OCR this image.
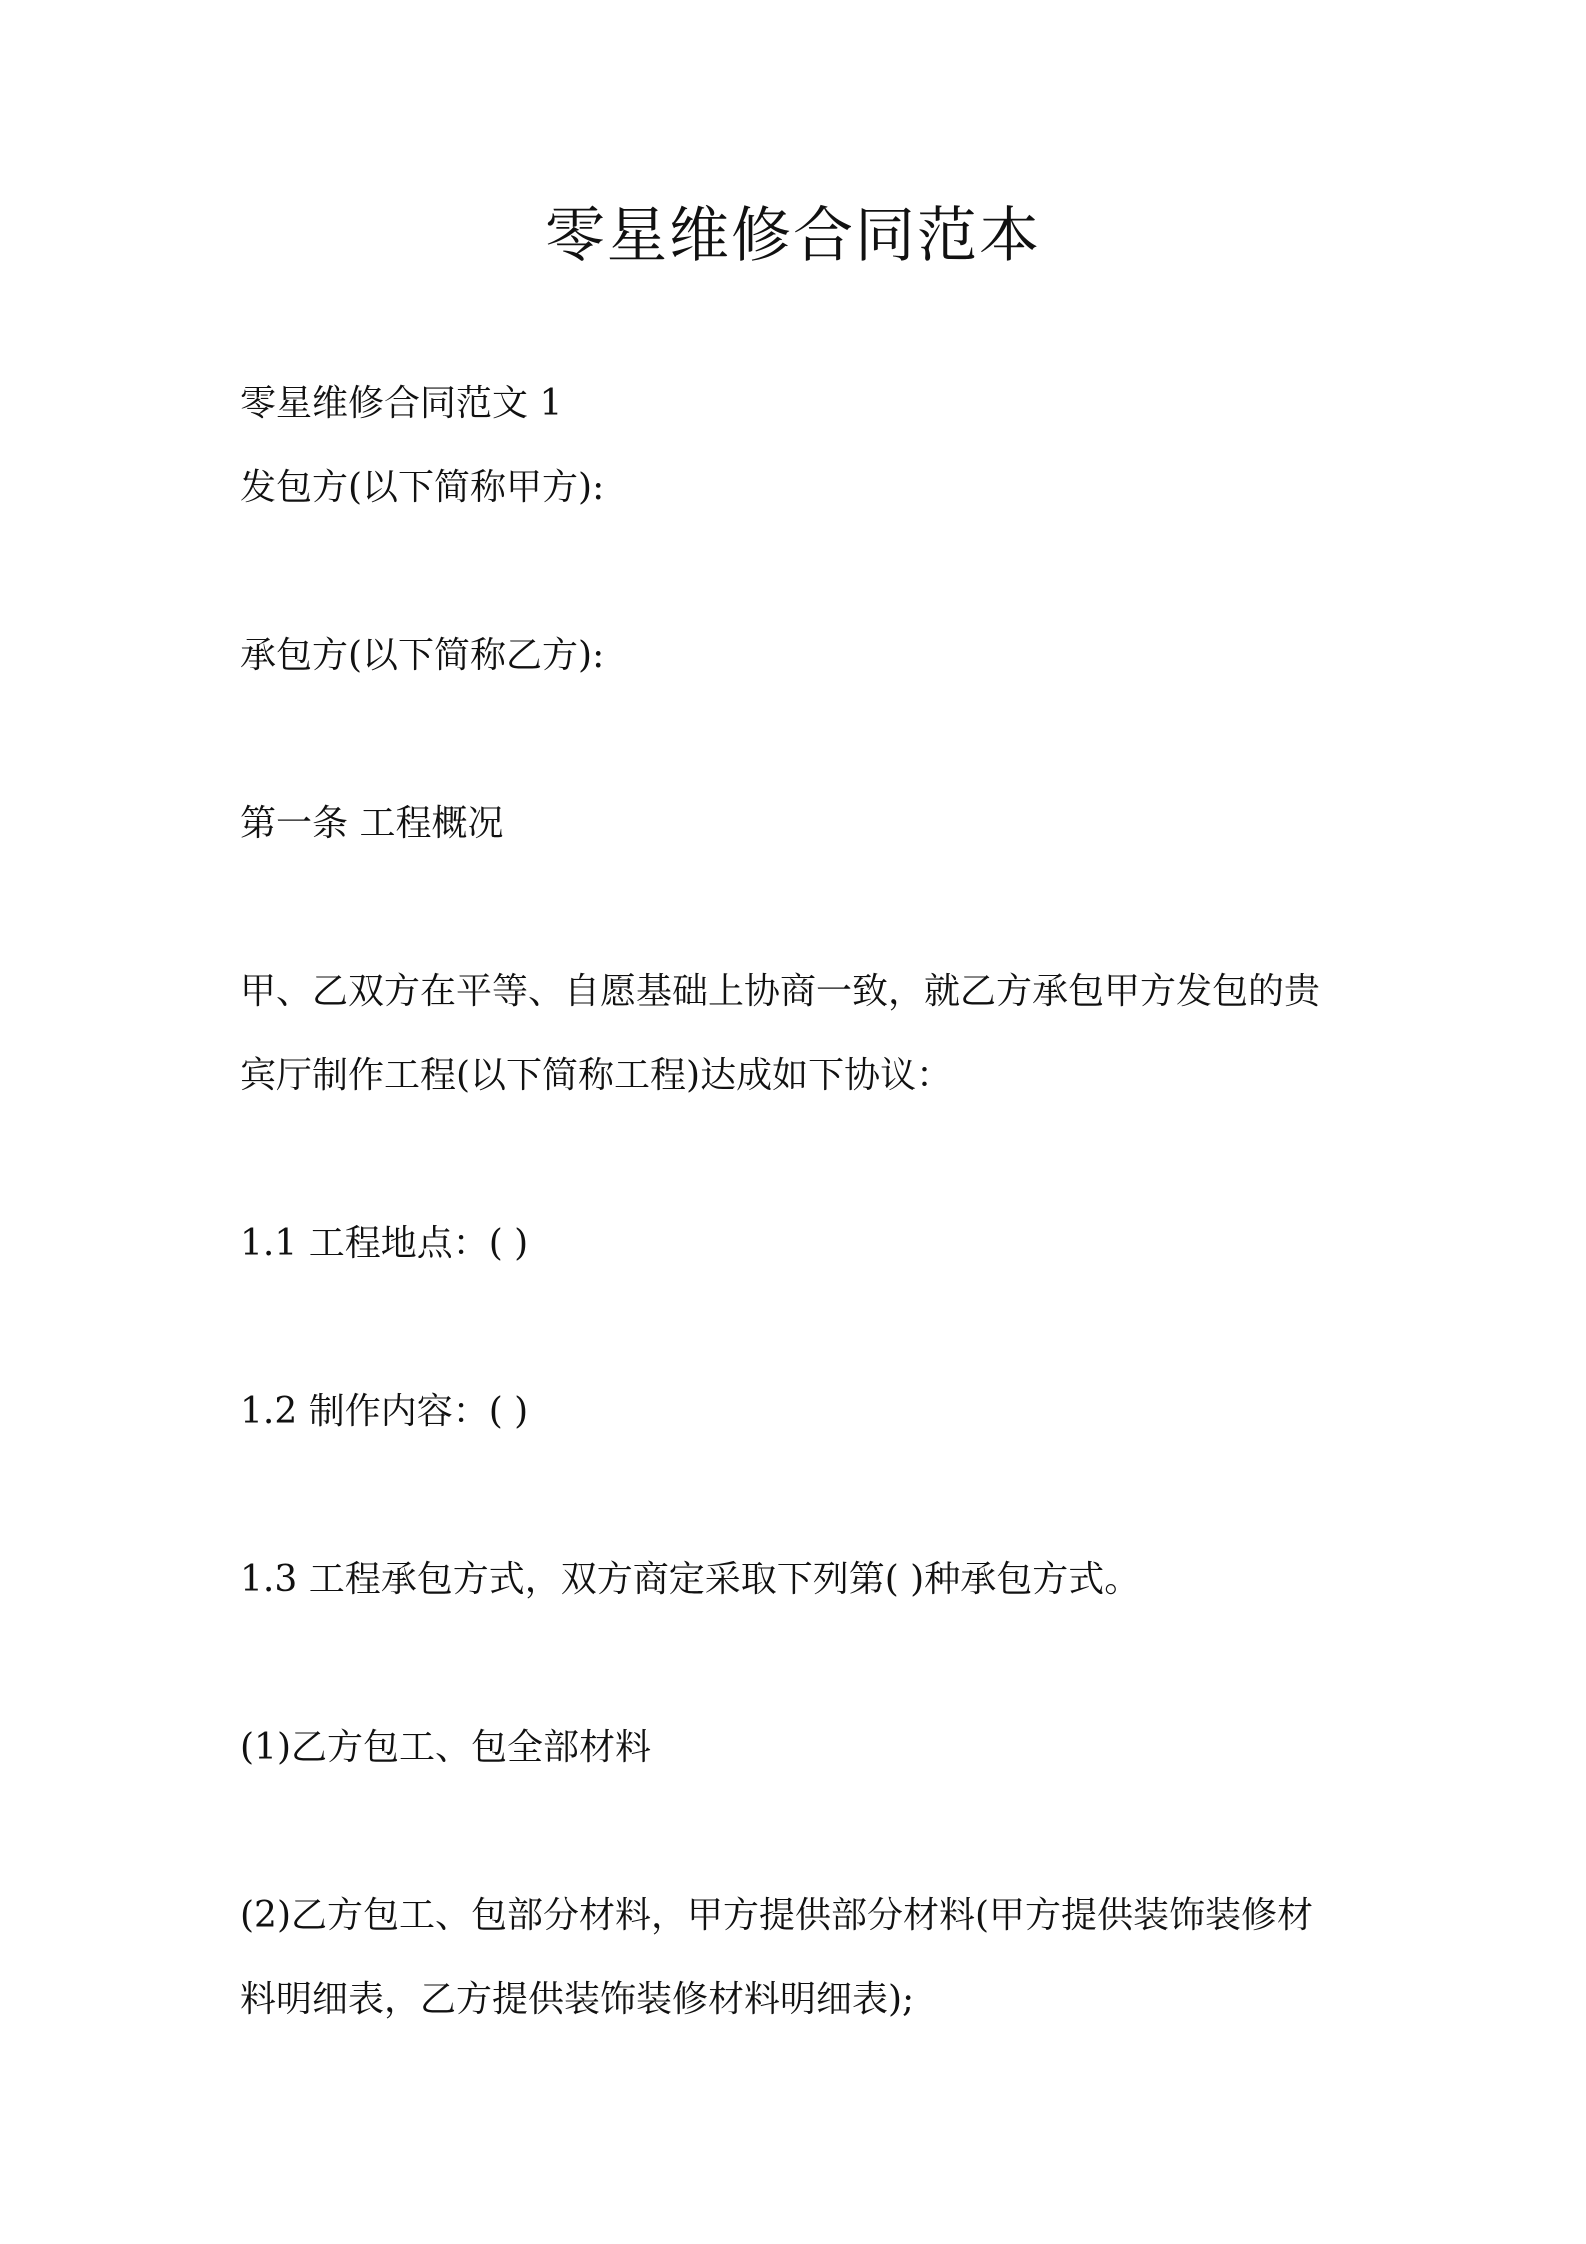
零星维修合同范本
零星维修合同范文 1
发包方(以下简称甲方):
承包方(以下简称乙方):
第一条 工程概况
甲、乙双方在平等、自愿基础上协商一致，就乙方承包甲方发包的贵
宾厅制作工程(以下简称工程)达成如下协议：
1.1 工程地点：( )
1.2 制作内容：( )
1.3 工程承包方式，双方商定采取下列第( )种承包方式。
(1)乙方包工、包全部材料
(2)乙方包工、包部分材料，甲方提供部分材料(甲方提供装饰装修材
料明细表，乙方提供装饰装修材料明细表);
